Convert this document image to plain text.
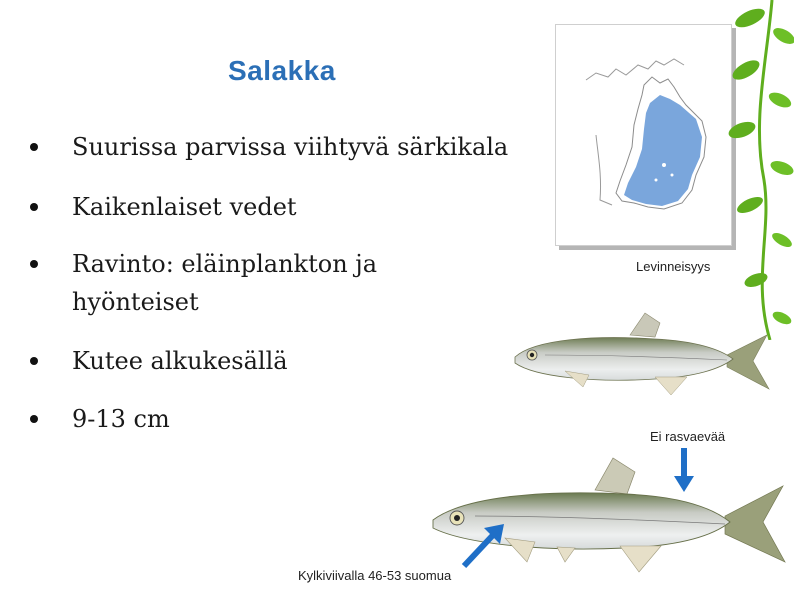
Salakka
Suurissa parvissa viihtyvä särkikala
Kaikenlaiset vedet
Ravinto: eläinplankton ja hyönteiset
Kutee alkukesällä
9-13 cm
Levinneisyys
Ei rasvaevää
Kylkiviivalla 46-53 suomua
